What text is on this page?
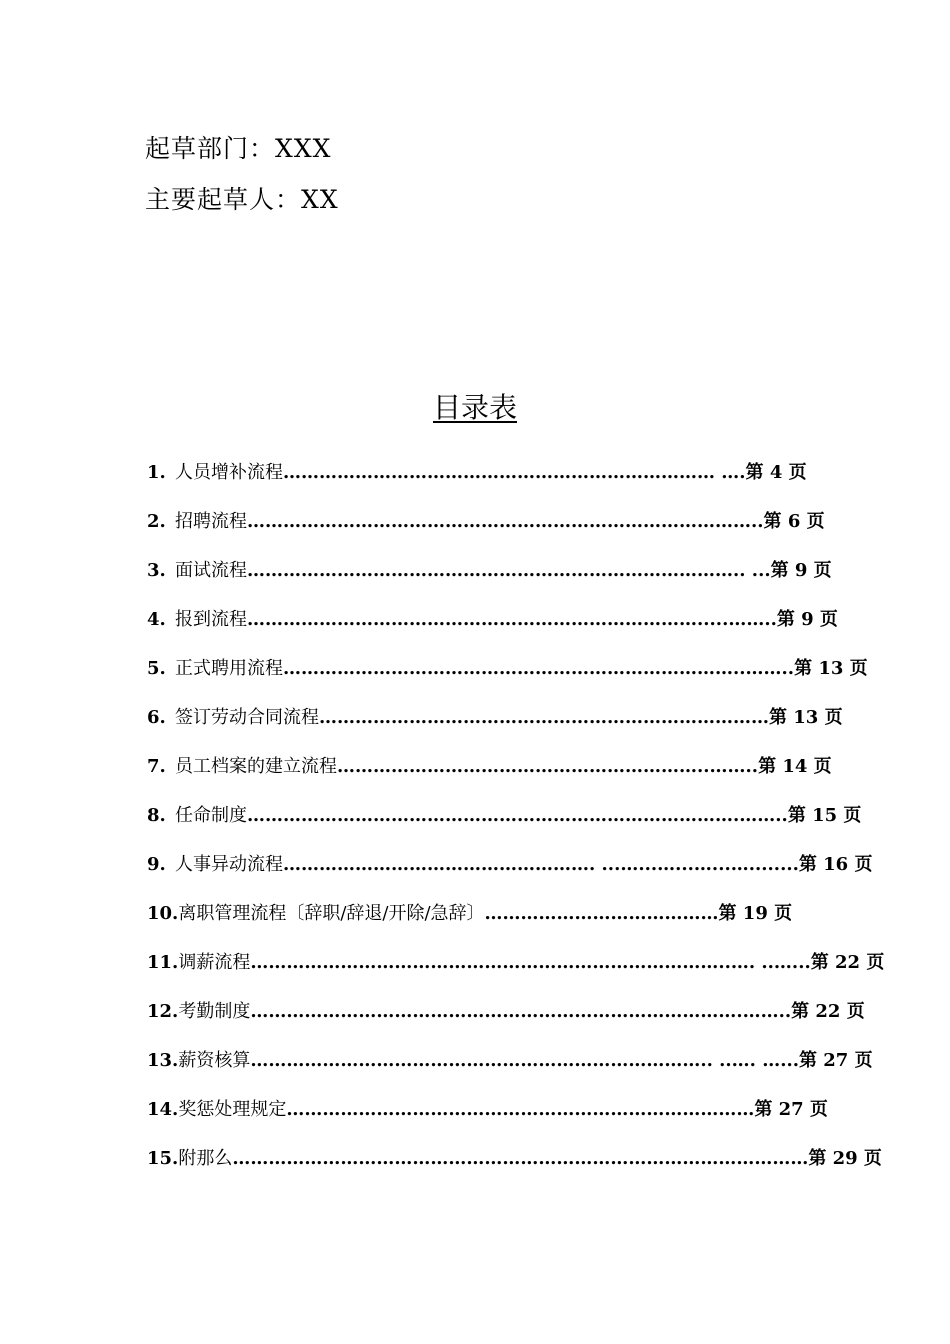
起草部门：XXX
主要起草人：XX
目录表
1. 人员增补流程……………………………………………………………… ….第 4 页
2. 招聘流程…………………………………………………………………………..第 6 页
3. 面试流程……………………………………………………………………….. ...第 9 页
4. 报到流程………………………………………………………………….....……..第 9 页
5. 正式聘用流程…………………………………………………………………..……..第 13 页
6. 签订劳动合同流程…………………………………………………………………第 13 页
7. 员工档案的建立流程……………………………………………………..……..第 14 页
8. 任命制度……………………………………………………………………….……..第 15 页
9. 人事异动流程……………………………………………. ...…...…...…...…........第 16 页
10.离职管理流程〔辞职/辞退/开除/急辞〕…………………………………第 19 页
11.调薪流程……………………………………………………………………..…. ..…...第 22 页
12.考勤制度……………………………………………………………………….……..第 22 页
13.薪资核算………………………………………………………………….. ..…. …...第 27 页
14.奖惩处理规定……………………………………………………………………第 27 页
15.附那么……………………………………………………………………………………第 29 页
